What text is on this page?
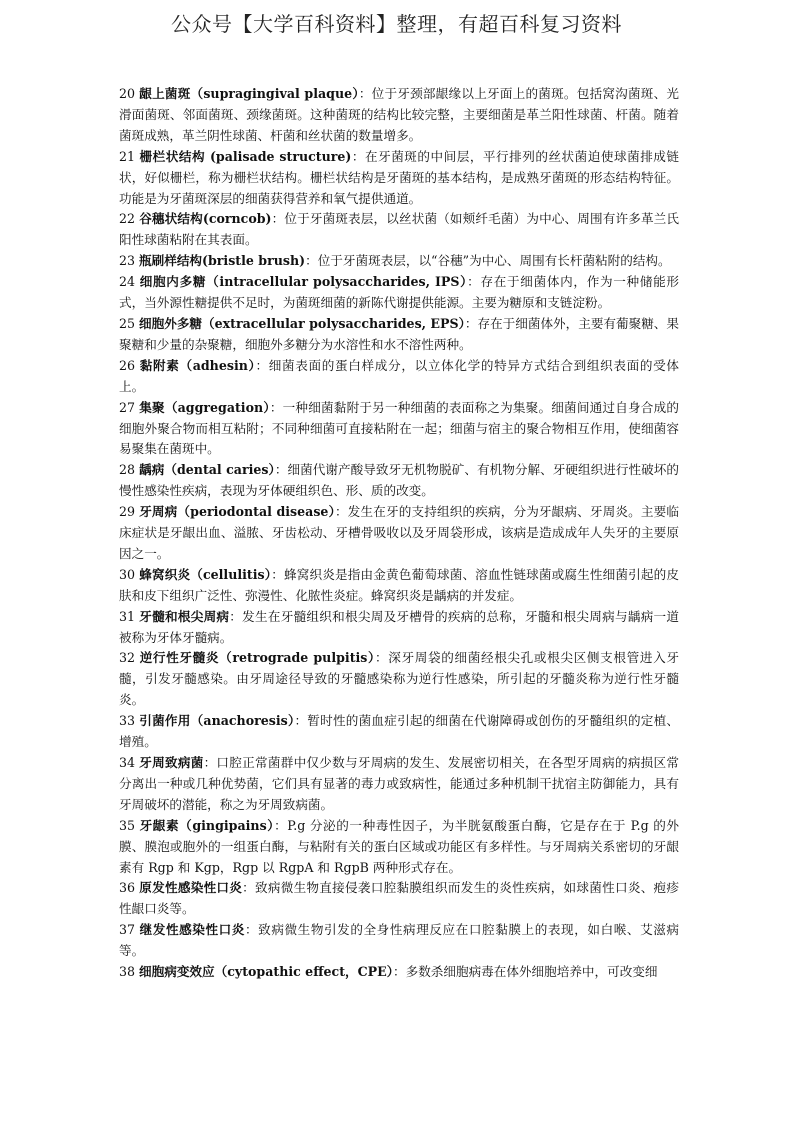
公众号【大学百科资料】整理，有超百科复习资料

20 龈上菌斑（supragingival plaque）：位于牙颈部龈缘以上牙面上的菌斑。包括窝沟菌斑、光滑面菌斑、邻面菌斑、颈缘菌斑。这种菌斑的结构比较完整，主要细菌是革兰阳性球菌、杆菌。随着菌斑成熟，革兰阴性球菌、杆菌和丝状菌的数量增多。

21 栅栏状结构 (palisade structure)：在牙菌斑的中间层，平行排列的丝状菌迫使球菌排成链状，好似栅栏，称为栅栏状结构。栅栏状结构是牙菌斑的基本结构，是成熟牙菌斑的形态结构特征。功能是为牙菌斑深层的细菌获得营养和氧气提供通道。

22 谷穗状结构(corncob)：位于牙菌斑表层，以丝状菌（如颊纤毛菌）为中心、周围有许多革兰氏阳性球菌粘附在其表面。

23 瓶刷样结构(bristle brush)：位于牙菌斑表层，以“谷穗”为中心、周围有长杆菌粘附的结构。

24 细胞内多糖（intracellular polysaccharides, IPS）：存在于细菌体内，作为一种储能形式，当外源性糖提供不足时，为菌斑细菌的新陈代谢提供能源。主要为糖原和支链淀粉。

25 细胞外多糖（extracellular polysaccharides, EPS）：存在于细菌体外，主要有葡聚糖、果聚糖和少量的杂聚糖，细胞外多糖分为水溶性和水不溶性两种。

26 黏附素（adhesin）：细菌表面的蛋白样成分，以立体化学的特异方式结合到组织表面的受体上。

27 集聚（aggregation）：一种细菌黏附于另一种细菌的表面称之为集聚。细菌间通过自身合成的细胞外聚合物而相互粘附；不同种细菌可直接粘附在一起；细菌与宿主的聚合物相互作用，使细菌容易聚集在菌斑中。

28 龋病（dental caries）：细菌代谢产酸导致牙无机物脱矿、有机物分解、牙硬组织进行性破坏的慢性感染性疾病，表现为牙体硬组织色、形、质的改变。

29 牙周病（periodontal disease）：发生在牙的支持组织的疾病，分为牙龈病、牙周炎。主要临床症状是牙龈出血、溢脓、牙齿松动、牙槽骨吸收以及牙周袋形成，该病是造成成年人失牙的主要原因之一。

30 蜂窝织炎（cellulitis）：蜂窝织炎是指由金黄色葡萄球菌、溶血性链球菌或腐生性细菌引起的皮肤和皮下组织广泛性、弥漫性、化脓性炎症。蜂窝织炎是龋病的并发症。

31 牙髓和根尖周病：发生在牙髓组织和根尖周及牙槽骨的疾病的总称，牙髓和根尖周病与龋病一道被称为牙体牙髓病。

32 逆行性牙髓炎（retrograde pulpitis）：深牙周袋的细菌经根尖孔或根尖区侧支根管进入牙髓，引发牙髓感染。由牙周途径导致的牙髓感染称为逆行性感染，所引起的牙髓炎称为逆行性牙髓炎。

33 引菌作用（anachoresis）：暂时性的菌血症引起的细菌在代谢障碍或创伤的牙髓组织的定植、增殖。

34 牙周致病菌：口腔正常菌群中仅少数与牙周病的发生、发展密切相关，在各型牙周病的病损区常分离出一种或几种优势菌，它们具有显著的毒力或致病性，能通过多种机制干扰宿主防御能力，具有牙周破坏的潜能，称之为牙周致病菌。

35 牙龈素（gingipains）：P.g 分泌的一种毒性因子，为半胱氨酸蛋白酶，它是存在于 P.g 的外膜、膜泡或胞外的一组蛋白酶，与粘附有关的蛋白区域或功能区有多样性。与牙周病关系密切的牙龈素有 Rgp 和 Kgp，Rgp 以 RgpA 和 RgpB 两种形式存在。

36 原发性感染性口炎：致病微生物直接侵袭口腔黏膜组织而发生的炎性疾病，如球菌性口炎、疱疹性龈口炎等。

37 继发性感染性口炎：致病微生物引发的全身性病理反应在口腔黏膜上的表现，如白喉、艾滋病等。

38 细胞病变效应（cytopathic effect，CPE）：多数杀细胞病毒在体外细胞培养中，可改变细
